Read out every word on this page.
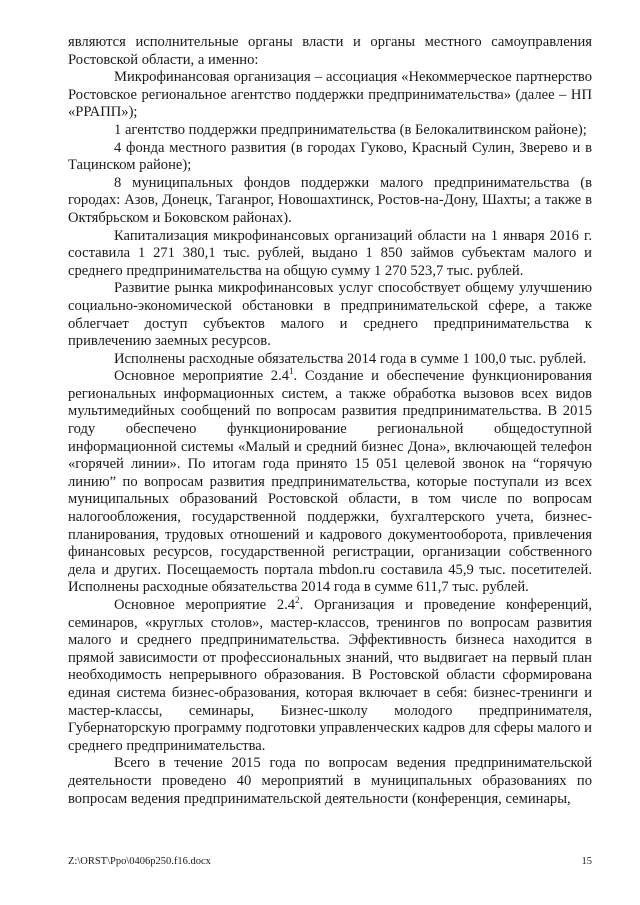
являются исполнительные органы власти и органы местного самоуправления Ростовской области, а именно:

Микрофинансовая организация – ассоциация «Некоммерческое партнерство Ростовское региональное агентство поддержки предпринимательства» (далее – НП «РРАПП»);

1 агентство поддержки предпринимательства (в Белокалитвинском районе);

4 фонда местного развития (в городах Гуково, Красный Сулин, Зверево и в Тацинском районе);

8 муниципальных фондов поддержки малого предпринимательства (в городах: Азов, Донецк, Таганрог, Новошахтинск, Ростов-на-Дону, Шахты; а также в Октябрьском и Боковском районах).

Капитализация микрофинансовых организаций области на 1 января 2016 г. составила 1 271 380,1 тыс. рублей, выдано 1 850 займов субъектам малого и среднего предпринимательства на общую сумму 1 270 523,7 тыс. рублей.

Развитие рынка микрофинансовых услуг способствует общему улучшению социально-экономической обстановки в предпринимательской сфере, а также облегчает доступ субъектов малого и среднего предпринимательства к привлечению заемных ресурсов.

Исполнены расходные обязательства 2014 года в сумме 1 100,0 тыс. рублей.

Основное мероприятие $2.4^1$. Создание и обеспечение функционирования региональных информационных систем, а также обработка вызовов всех видов мультимедийных сообщений по вопросам развития предпринимательства. В 2015 году обеспечено функционирование региональной общедоступной информационной системы «Малый и средний бизнес Дона», включающей телефон «горячей линии». По итогам года принято 15 051 целевой звонок на “горячую линию” по вопросам развития предпринимательства, которые поступали из всех муниципальных образований Ростовской области, в том числе по вопросам налогообложения, государственной поддержки, бухгалтерского учета, бизнес-планирования, трудовых отношений и кадрового документооборота, привлечения финансовых ресурсов, государственной регистрации, организации собственного дела и других. Посещаемость портала mbdon.ru составила 45,9 тыс. посетителей. Исполнены расходные обязательства 2014 года в сумме 611,7 тыс. рублей.

Основное мероприятие $2.4^2$. Организация и проведение конференций, семинаров, «круглых столов», мастер-классов, тренингов по вопросам развития малого и среднего предпринимательства. Эффективность бизнеса находится в прямой зависимости от профессиональных знаний, что выдвигает на первый план необходимость непрерывного образования. В Ростовской области сформирована единая система бизнес-образования, которая включает в себя: бизнес-тренинги и мастер-классы, семинары, Бизнес-школу молодого предпринимателя, Губернаторскую программу подготовки управленческих кадров для сферы малого и среднего предпринимательства.

Всего в течение 2015 года по вопросам ведения предпринимательской деятельности проведено 40 мероприятий в муниципальных образованиях по вопросам ведения предпринимательской деятельности (конференция, семинары,

Z:\ORST\Ppo\0406p250.f16.docx	15
